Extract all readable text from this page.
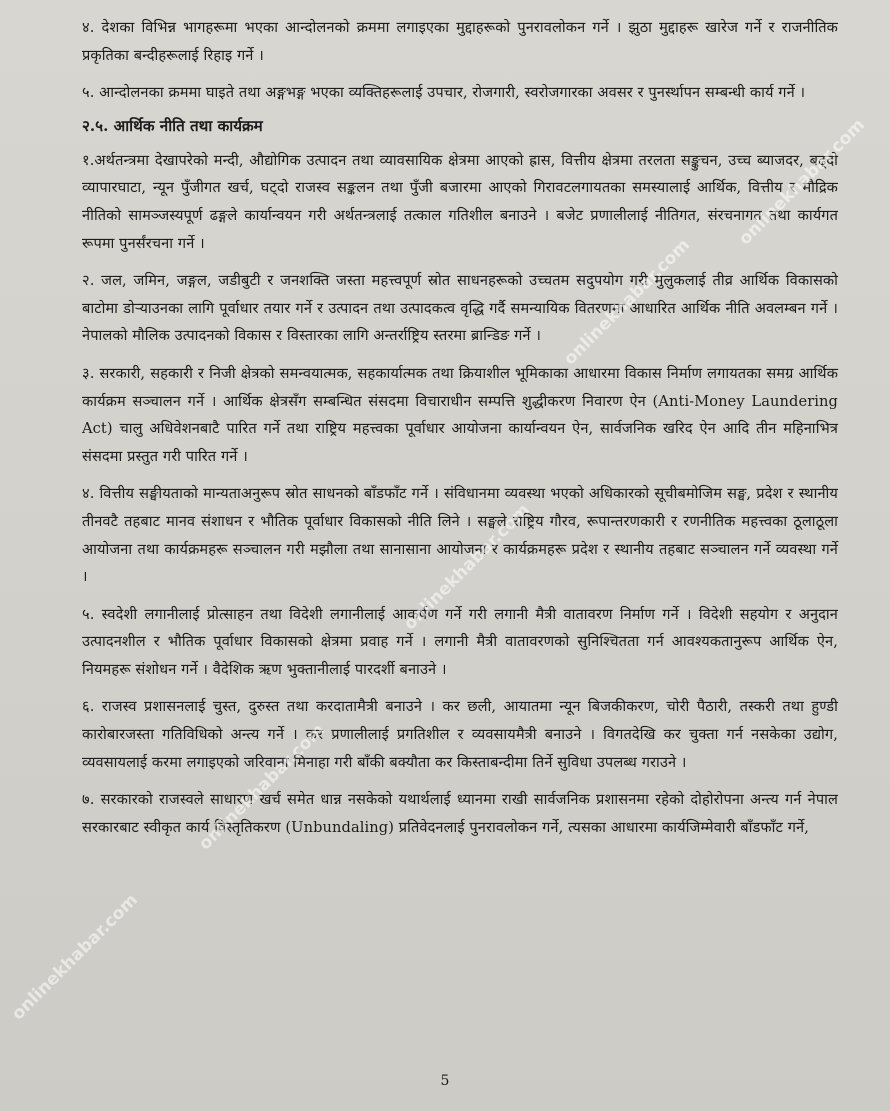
४. देशका विभिन्न भागहरूमा भएका आन्दोलनको क्रममा लगाइएका मुद्दाहरूको पुनरावलोकन गर्ने । झुठा मुद्दाहरू खारेज गर्ने र राजनीतिक प्रकृतिका बन्दीहरूलाई रिहाइ गर्ने ।

५. आन्दोलनका क्रममा घाइते तथा अङ्गभङ्ग भएका व्यक्तिहरूलाई उपचार, रोजगारी, स्वरोजगारका अवसर र पुनर्स्थापन सम्बन्धी कार्य गर्ने ।

२.५. आर्थिक नीति तथा कार्यक्रम

१.अर्थतन्त्रमा देखापरेको मन्दी, औद्योगिक उत्पादन तथा व्यावसायिक क्षेत्रमा आएको ह्रास, वित्तीय क्षेत्रमा तरलता सङ्कुचन, उच्च ब्याजदर, बढ्दो व्यापारघाटा, न्यून पुँजीगत खर्च, घट्दो राजस्व सङ्कलन तथा पुँजी बजारमा आएको गिरावटलगायतका समस्यालाई आर्थिक, वित्तीय र मौद्रिक नीतिको सामञ्जस्यपूर्ण ढङ्गले कार्यान्वयन गरी अर्थतन्त्रलाई तत्काल गतिशील बनाउने । बजेट प्रणालीलाई नीतिगत, संरचनागत तथा कार्यगत रूपमा पुनर्संरचना गर्ने ।

२. जल, जमिन, जङ्गल, जडीबुटी र जनशक्ति जस्ता महत्त्वपूर्ण स्रोत साधनहरूको उच्चतम सदुपयोग गरी मुलुकलाई तीव्र आर्थिक विकासको बाटोमा डोऱ्याउनका लागि पूर्वाधार तयार गर्ने र उत्पादन तथा उत्पादकत्व वृद्धि गर्दै समन्यायिक वितरणमा आधारित आर्थिक नीति अवलम्बन गर्ने । नेपालको मौलिक उत्पादनको विकास र विस्तारका लागि अन्तर्राष्ट्रिय स्तरमा ब्रान्डिङ गर्ने ।

३. सरकारी, सहकारी र निजी क्षेत्रको समन्वयात्मक, सहकार्यात्मक तथा क्रियाशील भूमिकाका आधारमा विकास निर्माण लगायतका समग्र आर्थिक कार्यक्रम सञ्चालन गर्ने । आर्थिक क्षेत्रसँग सम्बन्धित संसदमा विचाराधीन सम्पत्ति शुद्धीकरण निवारण ऐन (Anti-Money Laundering Act) चालु अधिवेशनबाटै पारित गर्ने तथा राष्ट्रिय महत्त्वका पूर्वाधार आयोजना कार्यान्वयन ऐन, सार्वजनिक खरिद ऐन आदि तीन महिनाभित्र संसदमा प्रस्तुत गरी पारित गर्ने ।

४. वित्तीय सङ्घीयताको मान्यताअनुरूप स्रोत साधनको बाँडफाँट गर्ने । संविधानमा व्यवस्था भएको अधिकारको सूचीबमोजिम सङ्घ, प्रदेश र स्थानीय तीनवटै तहबाट मानव संशाधन र भौतिक पूर्वाधार विकासको नीति लिने । सङ्घले राष्ट्रिय गौरव, रूपान्तरणकारी र रणनीतिक महत्त्वका ठूलाठूला आयोजना तथा कार्यक्रमहरू सञ्चालन गरी मझौला तथा सानासाना आयोजना र कार्यक्रमहरू प्रदेश र स्थानीय तहबाट सञ्चालन गर्ने व्यवस्था गर्ने ।

५. स्वदेशी लगानीलाई प्रोत्साहन तथा विदेशी लगानीलाई आकर्षण गर्ने गरी लगानी मैत्री वातावरण निर्माण गर्ने । विदेशी सहयोग र अनुदान उत्पादनशील र भौतिक पूर्वाधार विकासको क्षेत्रमा प्रवाह गर्ने । लगानी मैत्री वातावरणको सुनिश्चितता गर्न आवश्यकतानुरूप आर्थिक ऐन, नियमहरू संशोधन गर्ने । वैदेशिक ऋण भुक्तानीलाई पारदर्शी बनाउने ।

६. राजस्व प्रशासनलाई चुस्त, दुरुस्त तथा करदातामैत्री बनाउने । कर छली, आयातमा न्यून बिजकीकरण, चोरी पैठारी, तस्करी तथा हुण्डी कारोबारजस्ता गतिविधिको अन्त्य गर्ने । कर प्रणालीलाई प्रगतिशील र व्यवसायमैत्री बनाउने । विगतदेखि कर चुक्ता गर्न नसकेका उद्योग, व्यवसायलाई करमा लगाइएको जरिवाना मिनाहा गरी बाँकी बक्यौता कर किस्ताबन्दीमा तिर्ने सुविधा उपलब्ध गराउने ।

७. सरकारको राजस्वले साधारण खर्च समेत धान्न नसकेको यथार्थलाई ध्यानमा राखी सार्वजनिक प्रशासनमा रहेको दोहोरोपना अन्त्य गर्न नेपाल सरकारबाट स्वीकृत कार्य विस्तृतिकरण (Unbundaling) प्रतिवेदनलाई पुनरावलोकन गर्ने, त्यसका आधारमा कार्यजिम्मेवारी बाँडफाँट गर्ने,

onlinekhabar.com
onlinekhabar.com
onlinekhabar.com
onlinekhabar.com
onlinekhabar.com
5
